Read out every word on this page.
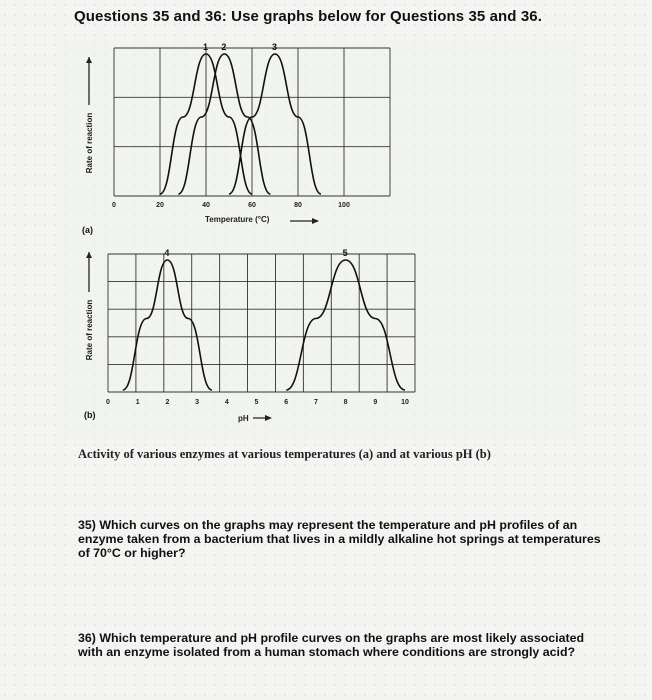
Questions 35 and 36: Use graphs below for Questions 35 and 36.
1 2	3
0	20	40	60	80	100
Rate of reaction
(a)
Temperature (°C)
4	5
0	1	2	3	4	5	6	7	8	9	10
Rate of reaction
(b)	pH
Activity of various enzymes at various temperatures (a) and at various pH (b)
35) Which curves on the graphs may represent the temperature and pH profiles of an enzyme taken from a bacterium that lives in a mildly alkaline hot springs at temperatures of 70°C or higher?
36) Which temperature and pH profile curves on the graphs are most likely associated with an enzyme isolated from a human stomach where conditions are strongly acid?
